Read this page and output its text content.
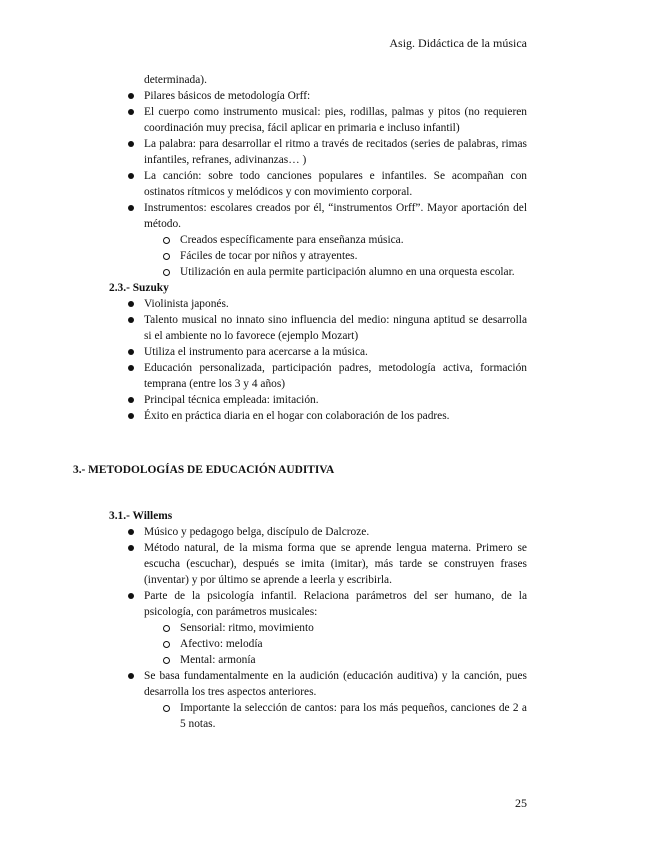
Asig. Didáctica de la música
determinada).
Pilares básicos de metodología Orff:
El cuerpo como instrumento musical: pies, rodillas, palmas y pitos (no requieren coordinación muy precisa, fácil aplicar en primaria e incluso infantil)
La palabra: para desarrollar el ritmo a través de recitados (series de palabras, rimas infantiles, refranes, adivinanzas… )
La canción: sobre todo canciones populares e infantiles. Se acompañan con ostinatos rítmicos y melódicos y con movimiento corporal.
Instrumentos: escolares creados por él, “instrumentos Orff”. Mayor aportación del método.
Creados específicamente para enseñanza música.
Fáciles de tocar por niños y atrayentes.
Utilización en aula permite participación alumno en una orquesta escolar.
2.3.- Suzuky
Violinista japonés.
Talento musical no innato sino influencia del medio: ninguna aptitud se desarrolla si el ambiente no lo favorece (ejemplo Mozart)
Utiliza el instrumento para acercarse a la música.
Educación personalizada, participación padres, metodología activa, formación temprana (entre los 3 y 4 años)
Principal técnica empleada: imitación.
Éxito en práctica diaria en el hogar con colaboración de los padres.
3.- METODOLOGÍAS DE EDUCACIÓN AUDITIVA
3.1.- Willems
Músico y pedagogo belga, discípulo de Dalcroze.
Método natural, de la misma forma que se aprende lengua materna. Primero se escucha (escuchar), después se imita (imitar), más tarde se construyen frases (inventar) y por último se aprende a leerla y escribirla.
Parte de la psicología infantil. Relaciona parámetros del ser humano, de la psicología, con parámetros musicales:
Sensorial: ritmo, movimiento
Afectivo: melodía
Mental: armonía
Se basa fundamentalmente en la audición (educación auditiva) y la canción, pues desarrolla los tres aspectos anteriores.
Importante la selección de cantos: para los más pequeños, canciones de 2 a 5 notas.
25
